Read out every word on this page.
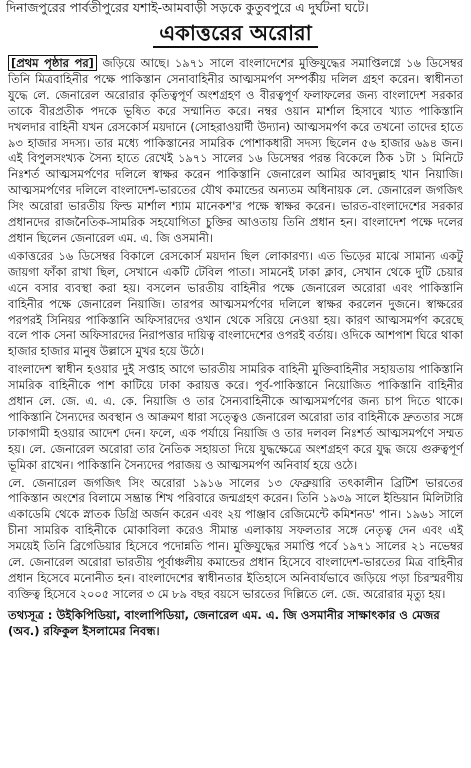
দিনাজপুরের পার্বতীপুরের যশাই-আমবাড়ী সড়কে কুতুবপুরে এ দুর্ঘটনা ঘটে।
একাত্তরের অরোরা

[প্রথম পৃষ্ঠার পর] জড়িয়ে আছে। ১৯৭১ সালে বাংলাদেশের মুক্তিযুদ্ধের সমাপ্তিলগ্নে ১৬ ডিসেম্বর তিনি মিত্রবাহিনীর পক্ষে পাকিস্তান সেনাবাহিনীর আত্মসমর্পণ সম্পর্কীয় দলিল গ্রহণ করেন। স্বাধীনতা যুদ্ধে লে. জেনারেল অরোরার কৃতিত্বপূর্ণ অংশগ্রহণ ও বীরত্বপূর্ণ ফলাফলের জন্য বাংলাদেশ সরকার তাকে বীরপ্রতীক পদকে ভূষিত করে সম্মানিত করে। নম্বর ওয়ান মার্শাল হিসাবে খ্যাত পাকিস্তানি দখলদার বাহিনী যখন রেসকোর্স ময়দানে (সোহরাওয়ার্দী উদ্যান) আত্মসমর্পণ করে তখনো তাদের হাতে ৯৩ হাজার সদস্য। তার মধ্যে পাকিস্তানের সামরিক পোশাকধারী সদস্য ছিলেন ৫৬ হাজার ৬৯৪ জন। এই বিপুলসংখ্যক সৈন্য হাতে রেখেই ১৯৭১ সালের ১৬ ডিসেম্বর পরন্ত বিকেলে ঠিক ১টা ১ মিনিটে নিঃশর্ত আত্মসমর্পণের দলিলে স্বাক্ষর করেন পাকিস্তানি জেনারেল আমির আবদুল্লাহ খান নিয়াজি। আত্মসমর্পণের দলিলে বাংলাদেশ-ভারতের যৌথ কমান্ডের অন্যতম অধিনায়ক লে. জেনারেল জগজিৎ সিং অরোরা ভারতীয় ফিল্ড মার্শাল শ্যাম মানেকশ'র পক্ষে স্বাক্ষর করেন। ভারত-বাংলাদেশের সরকার প্রধানদের রাজনৈতিক-সামরিক সহযোগিতা চুক্তির আওতায় তিনি প্রধান হন। বাংলাদেশ পক্ষে দলের প্রধান ছিলেন জেনারেল এম. এ. জি ওসমানী।

একাত্তরের ১৬ ডিসেম্বর বিকালে রেসকোর্স ময়দান ছিল লোকারণ্য। এত ভিড়ের মাঝে সামান্য একটু জায়গা ফাঁকা রাখা ছিল, সেখানে একটি টেবিল পাতা। সামনেই ঢাকা ক্লাব, সেখান থেকে দুটি চেয়ার এনে বসার ব্যবস্থা করা হয়। বসলেন ভারতীয় বাহিনীর পক্ষে জেনারেল অরোরা এবং পাকিস্তানি বাহিনীর পক্ষে জেনারেল নিয়াজি। তারপর আত্মসমর্পণের দলিলে স্বাক্ষর করলেন দুজনে। স্বাক্ষরের পরপরই সিনিয়র পাকিস্তানি অফিসারদের ওখান থেকে সরিয়ে নেওয়া হয়। কারণ আত্মসমর্পণ করেছে বলে পাক সেনা অফিসারদের নিরাপত্তার দায়িত্ব বাংলাদেশের ওপরই বর্তায়। ওদিকে আশপাশ ঘিরে থাকা হাজার হাজার মানুষ উল্লাসে মুখর হয়ে উঠে।

বাংলাদেশ স্বাধীন হওয়ার দুই সপ্তাহ আগে ভারতীয় সামরিক বাহিনী মুক্তিবাহিনীর সহায়তায় পাকিস্তানি সামরিক বাহিনীকে পাশ কাটিয়ে ঢাকা করায়ত্ত করে। পূর্ব-পাকিস্তানে নিয়োজিত পাকিস্তানি বাহিনীর প্রধান লে. জে. এ. এ. কে. নিয়াজি ও তার সৈন্যবাহিনীকে আত্মসমর্পণের জন্য চাপ দিতে থাকে। পাকিস্তানি সৈন্যদের অবস্থান ও আক্রমণ ধারা সত্ত্বেও জেনারেল অরোরা তার বাহিনীকে দ্রুততার সঙ্গে ঢাকাগামী হওয়ার আদেশ দেন। ফলে, এক পর্যায়ে নিয়াজি ও তার দলবল নিঃশর্ত আত্মসমর্পণে সম্মত হয়। লে. জেনারেল অরোরা তার নৈতিক সহায়তা দিয়ে যুদ্ধক্ষেত্রে অংশগ্রহণ করে যুদ্ধ জয়ে গুরুত্বপূর্ণ ভূমিকা রাখেন। পাকিস্তানি সৈন্যদের পরাজয় ও আত্মসমর্পণ অনিবার্য হয়ে ওঠে।

লে. জেনারেল জগজিৎ সিং অরোরা ১৯১৬ সালের ১৩ ফেব্রুয়ারি তৎকালীন ব্রিটিশ ভারতের পাকিস্তান অংশের বিলামে সম্ভ্রান্ত শিখ পরিবারে জন্মগ্রহণ করেন। তিনি ১৯৩৯ সালে ইন্ডিয়ান মিলিটারি একাডেমি থেকে স্নাতক ডিগ্রি অর্জন করেন এবং ২য় পাঞ্জাব রেজিমেন্টে কমিশনড' পান। ১৯৬১ সালে চীনা সামরিক বাহিনীকে মোকাবিলা করেও সীমান্ত এলাকায় সফলতার সঙ্গে নেতৃত্ব দেন এবং এই সময়েই তিনি ব্রিগেডিয়ার হিসেবে পদোন্নতি পান। মুক্তিযুদ্ধের সমাপ্তি পর্বে ১৯৭১ সালের ২১ নভেম্বর লে. জেনারেল অরোরা ভারতীয় পূর্বাঞ্চলীয় কমান্ডের প্রধান হিসেবে বাংলাদেশ-ভারতের মিত্র বাহিনীর প্রধান হিসেবে মনোনীত হন। বাংলাদেশের স্বাধীনতার ইতিহাসে অনিবার্যভাবে জড়িয়ে পড়া চিরস্মরণীয় ব্যক্তিত্ব হিসেবে ২০০৫ সালের ৩ মে ৮৯ বছর বয়সে ভারতের দিল্লিতে লে. জে. অরোরার মৃত্যু হয়।

তথ্যসূত্র : উইকিপিডিয়া, বাংলাপিডিয়া, জেনারেল এম. এ. জি ওসমানীর সাক্ষাৎকার ও মেজর (অব.) রফিকুল ইসলামের নিবন্ধ।
